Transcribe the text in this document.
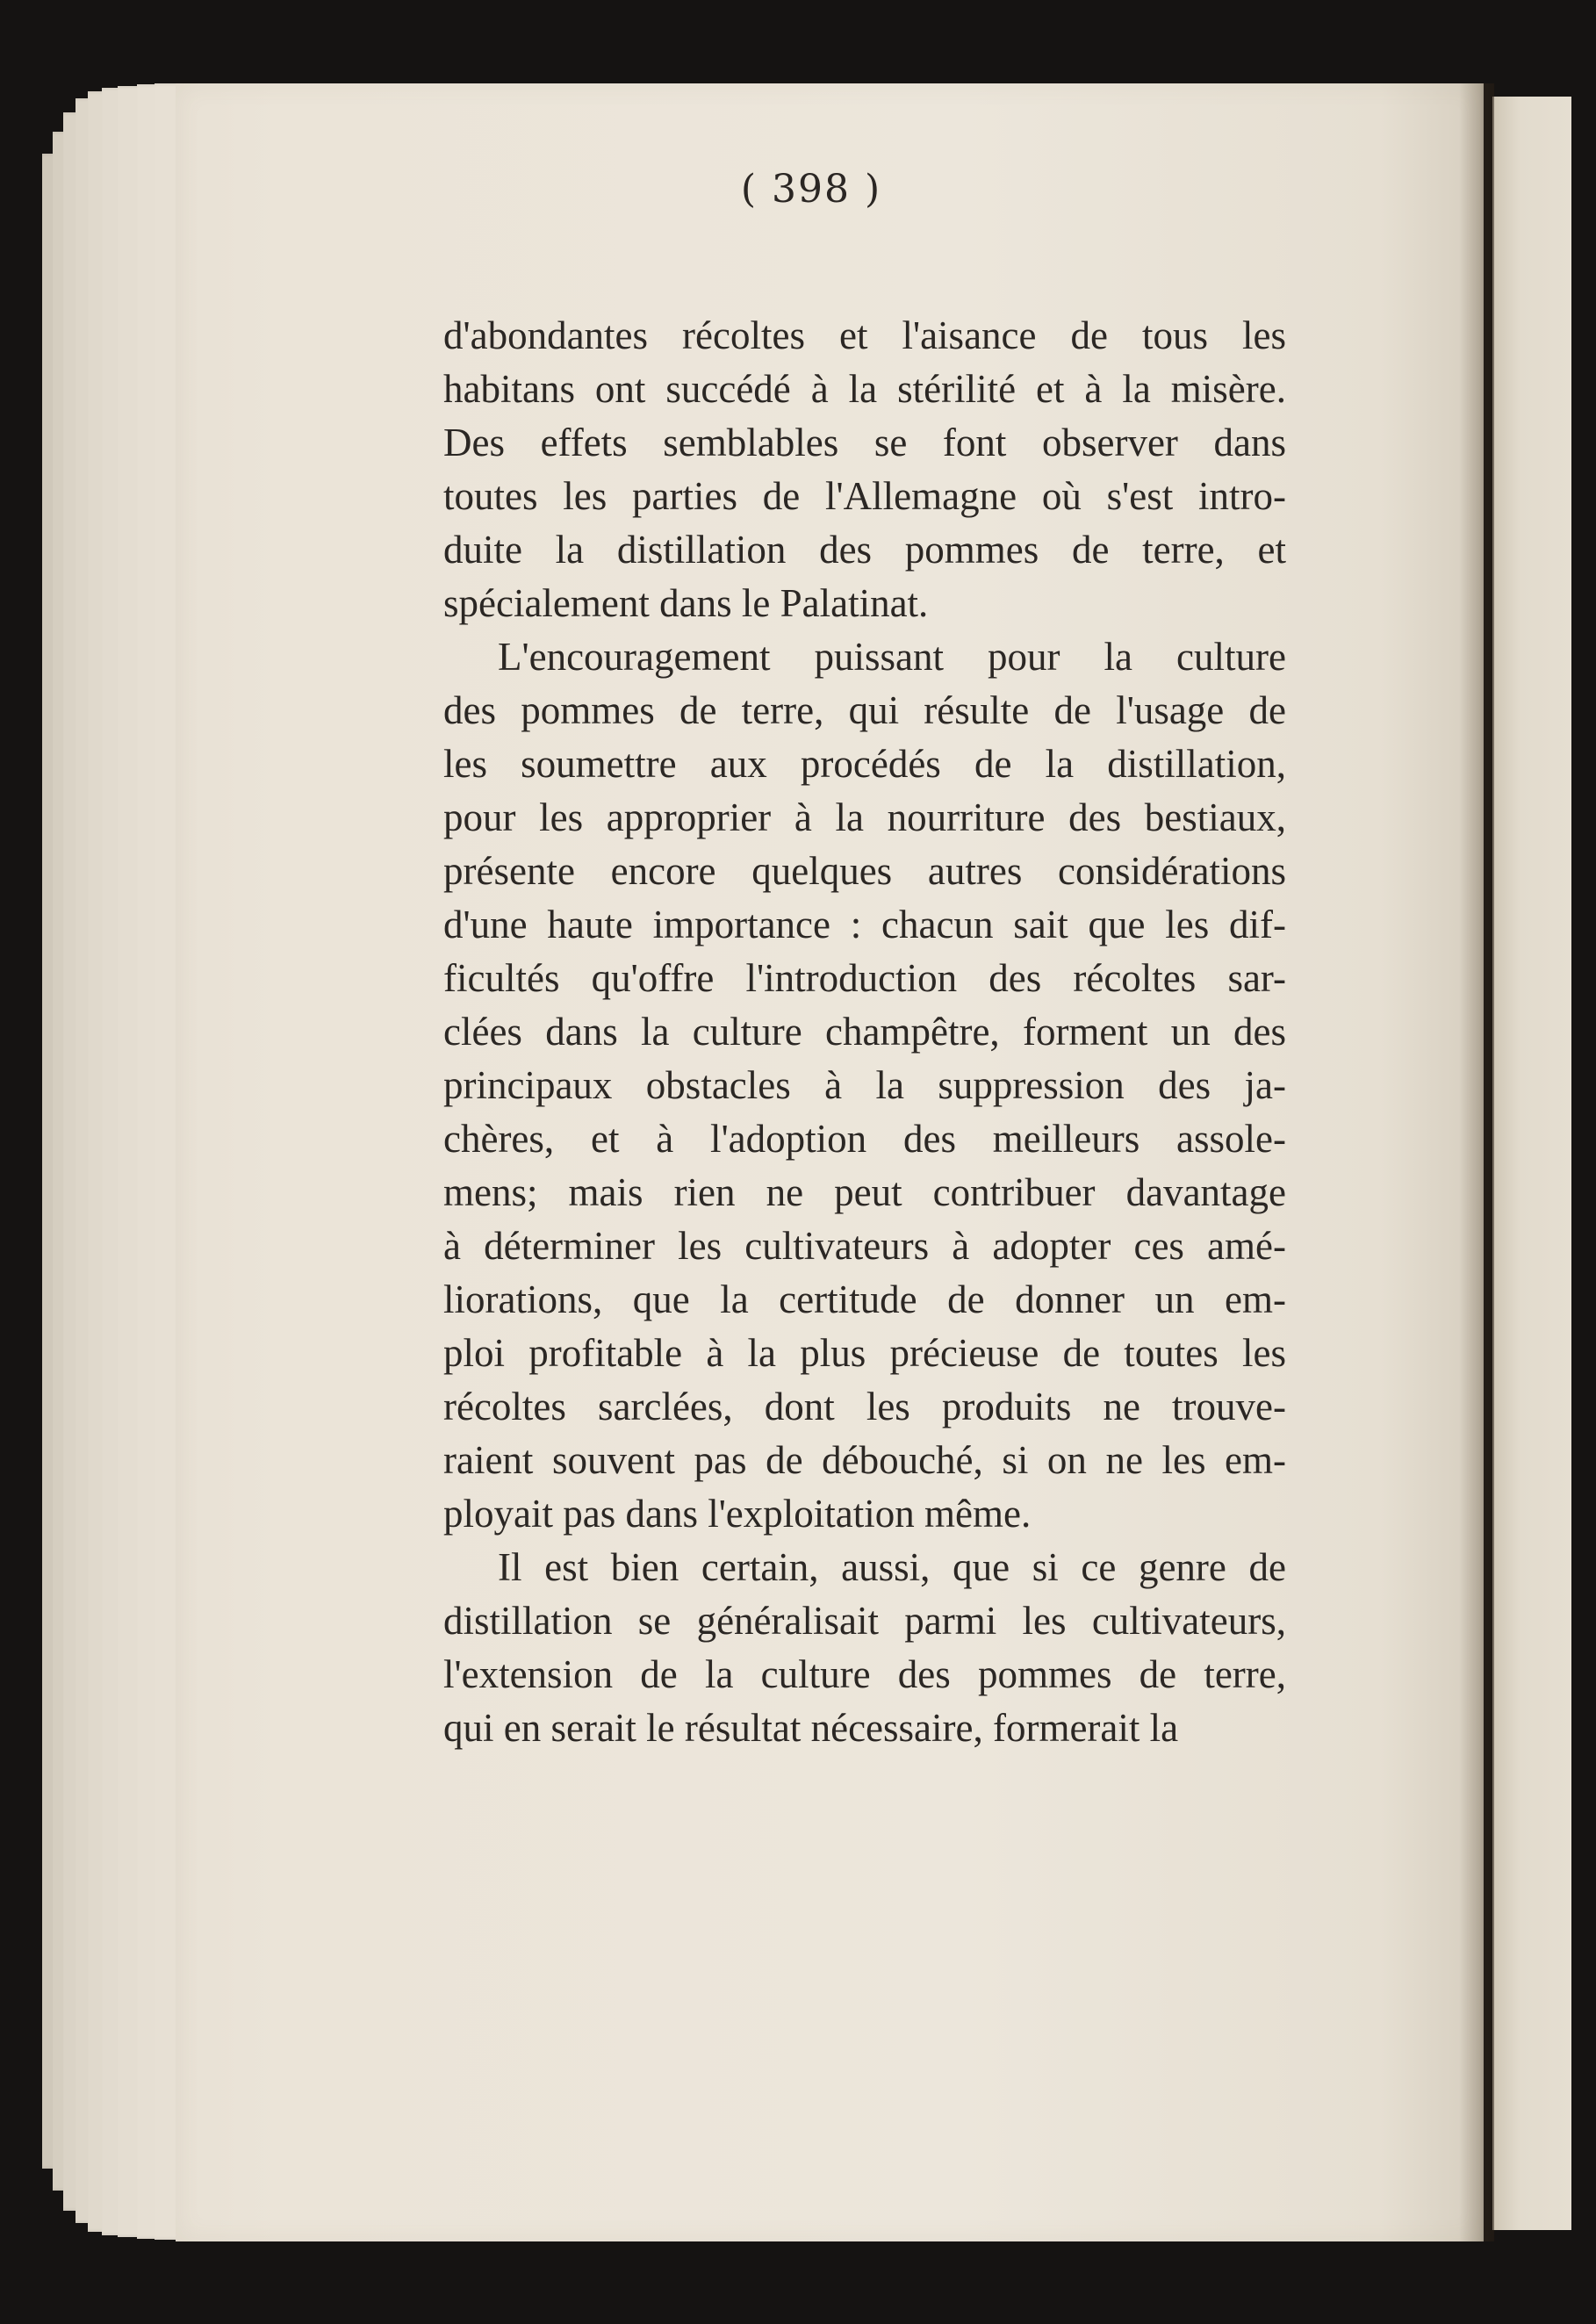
( 398 )
d'abondantes récoltes et l'aisance de tous les
habitans ont succédé à la stérilité et à la misère.
Des effets semblables se font observer dans
toutes les parties de l'Allemagne où s'est intro-
duite la distillation des pommes de terre, et
spécialement dans le Palatinat.
L'encouragement puissant pour la culture
des pommes de terre, qui résulte de l'usage de
les soumettre aux procédés de la distillation,
pour les approprier à la nourriture des bestiaux,
présente encore quelques autres considérations
d'une haute importance : chacun sait que les dif-
ficultés qu'offre l'introduction des récoltes sar-
clées dans la culture champêtre, forment un des
principaux obstacles à la suppression des ja-
chères, et à l'adoption des meilleurs assole-
mens; mais rien ne peut contribuer davantage
à déterminer les cultivateurs à adopter ces amé-
liorations, que la certitude de donner un em-
ploi profitable à la plus précieuse de toutes les
récoltes sarclées, dont les produits ne trouve-
raient souvent pas de débouché, si on ne les em-
ployait pas dans l'exploitation même.
Il est bien certain, aussi, que si ce genre de
distillation se généralisait parmi les cultivateurs,
l'extension de la culture des pommes de terre,
qui en serait le résultat nécessaire, formerait la
